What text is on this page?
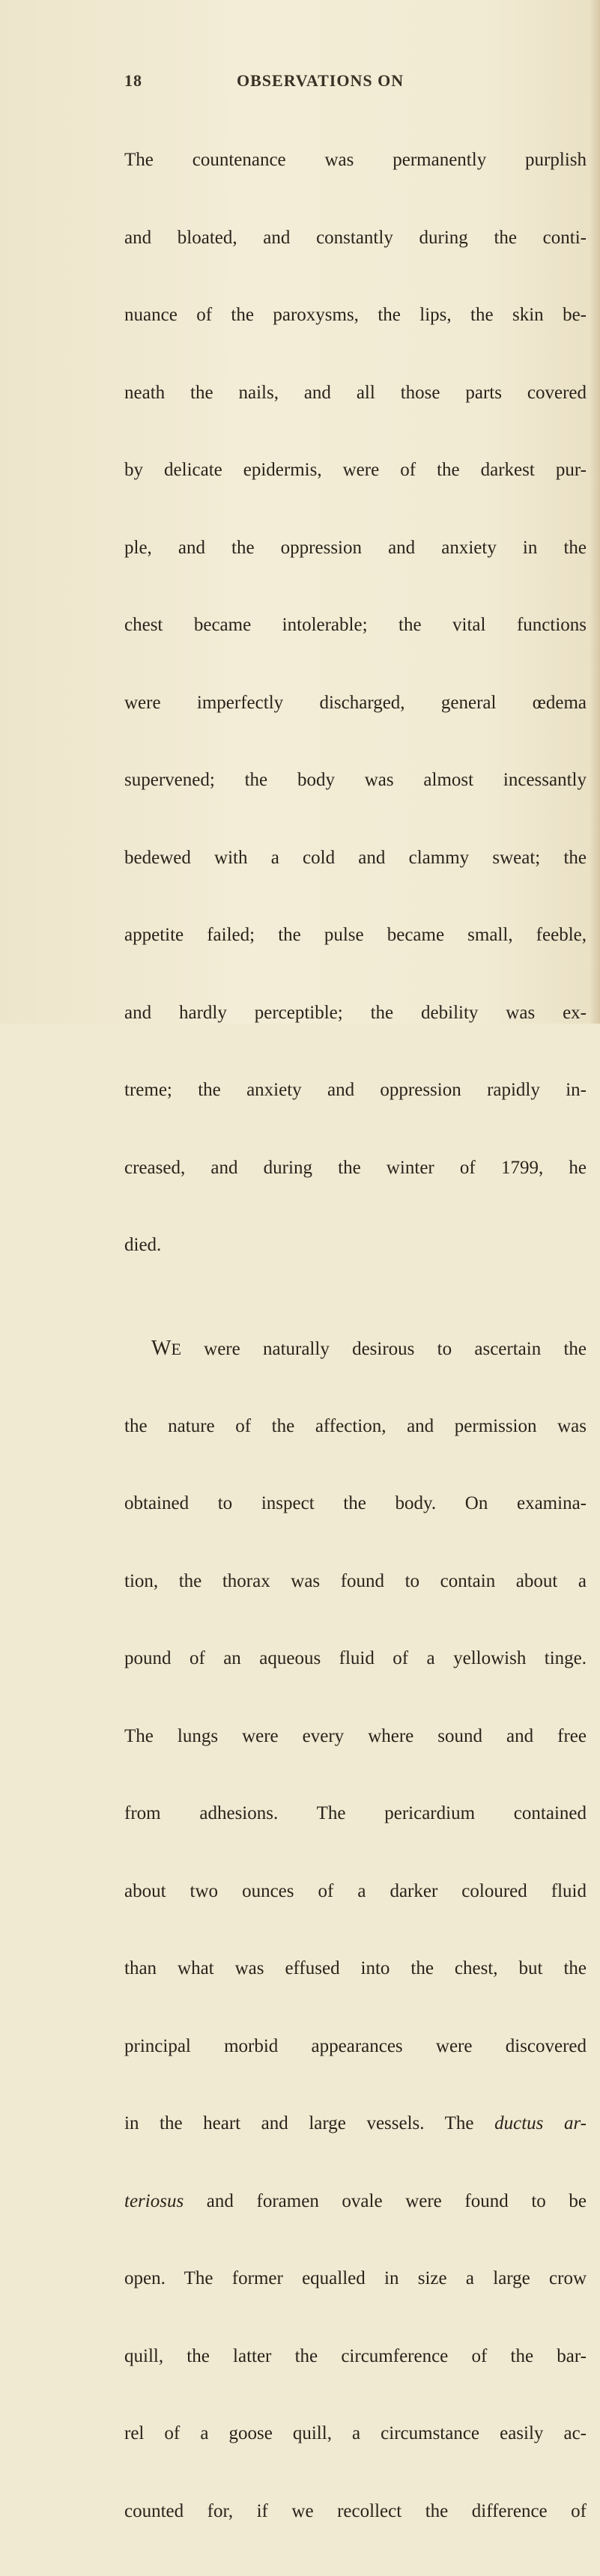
18	OBSERVATIONS ON

The countenance was permanently purplish

and bloated, and constantly during the conti-

nuance of the paroxysms, the lips, the skin be-

neath the nails, and all those parts covered

by delicate epidermis, were of the darkest pur-

ple, and the oppression and anxiety in the

chest became intolerable; the vital functions

were imperfectly discharged, general œdema

supervened; the body was almost incessantly

bedewed with a cold and clammy sweat; the

appetite failed; the pulse became small, feeble,

and hardly perceptible; the debility was ex-

treme; the anxiety and oppression rapidly in-

creased, and during the winter of 1799, he

died.

WE were naturally desirous to ascertain the

the nature of the affection, and permission was

obtained to inspect the body. On examina-

tion, the thorax was found to contain about a

pound of an aqueous fluid of a yellowish tinge.

The lungs were every where sound and free

from adhesions. The pericardium contained

about two ounces of a darker coloured fluid

than what was effused into the chest, but the

principal morbid appearances were discovered

in the heart and large vessels. The ductus ar-

teriosus and foramen ovale were found to be

open. The former equalled in size a large crow

quill, the latter the circumference of the bar-

rel of a goose quill, a circumstance easily ac-

counted for, if we recollect the difference of
